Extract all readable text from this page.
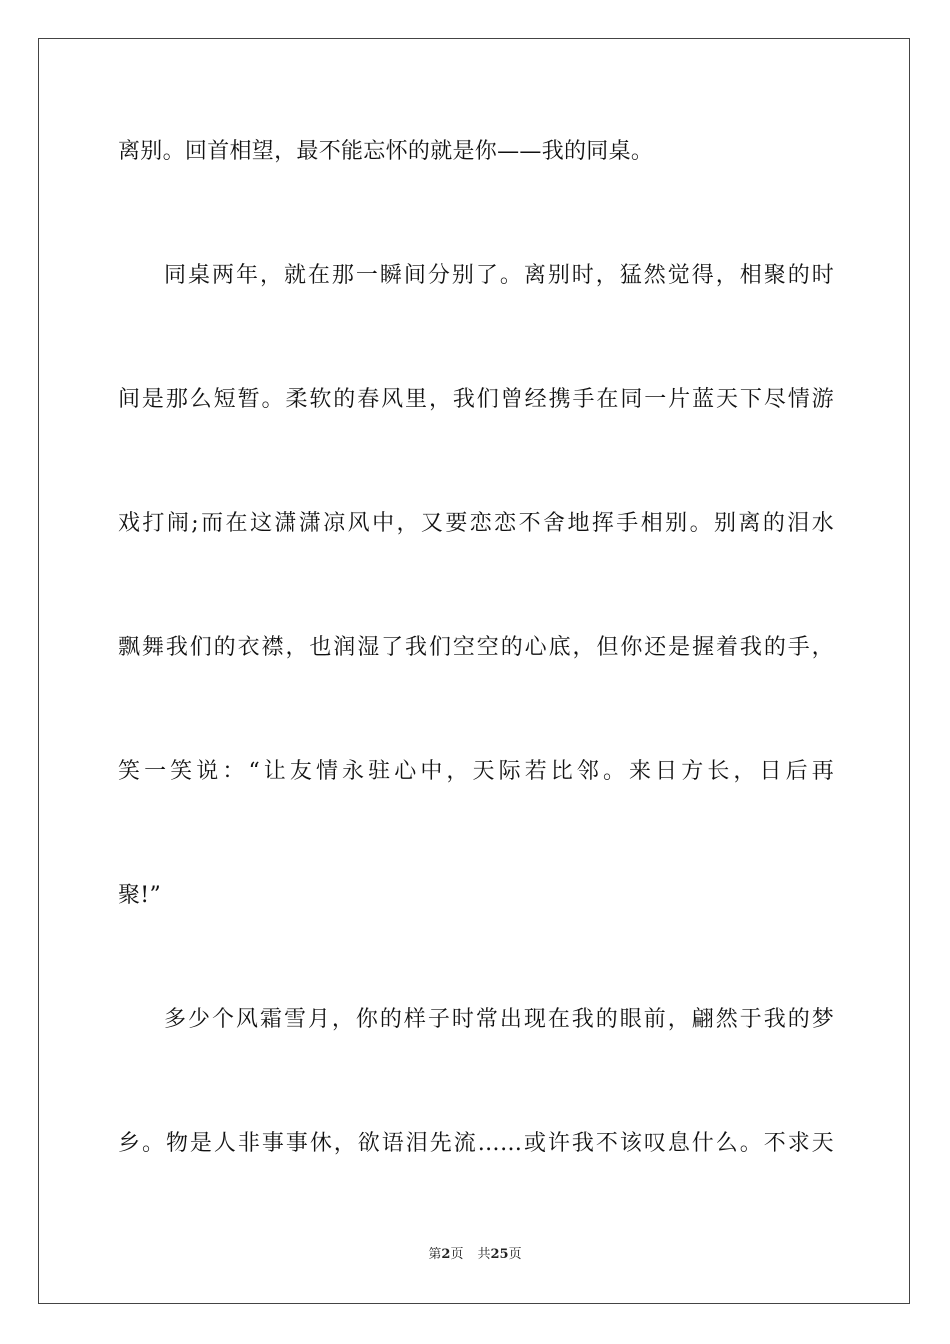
离别。回首相望，最不能忘怀的就是你——我的同桌。
同桌两年，就在那一瞬间分别了。离别时，猛然觉得，相聚的时
间是那么短暂。柔软的春风里，我们曾经携手在同一片蓝天下尽情游
戏打闹;而在这潇潇凉风中，又要恋恋不舍地挥手相别。别离的泪水
飘舞我们的衣襟，也润湿了我们空空的心底，但你还是握着我的手，
笑一笑说：“让友情永驻心中，天际若比邻。来日方长，日后再
聚!”
多少个风霜雪月，你的样子时常出现在我的眼前，翩然于我的梦
乡。物是人非事事休，欲语泪先流……或许我不该叹息什么。不求天
第2页 共25页
